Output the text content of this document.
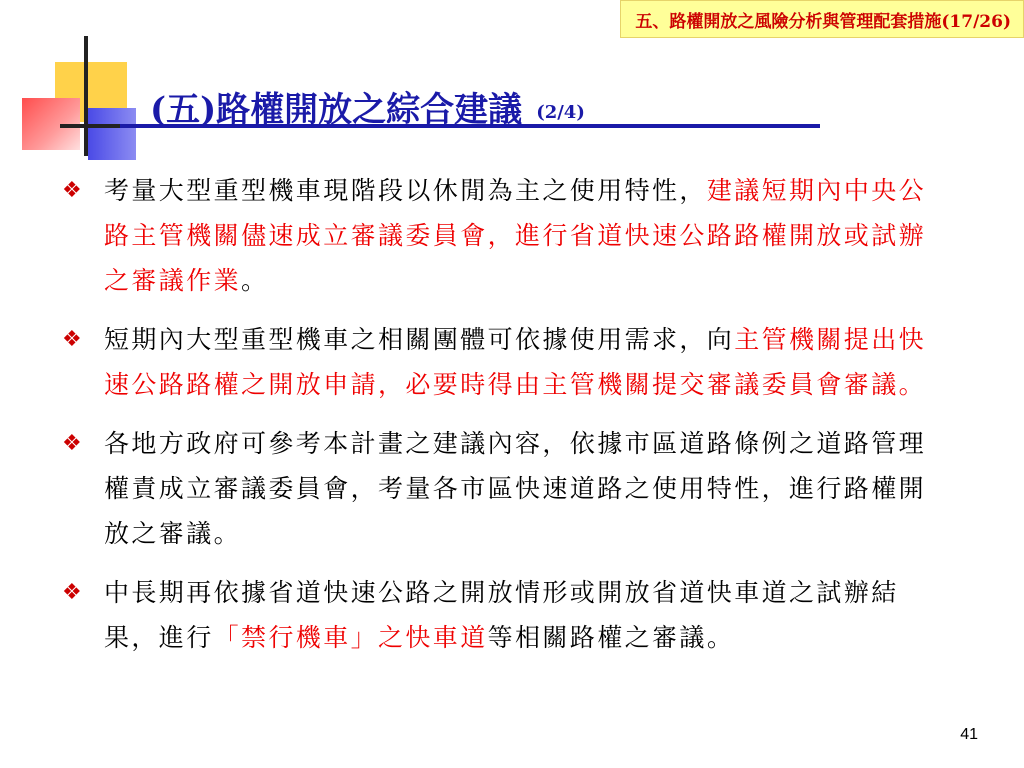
五、路權開放之風險分析與管理配套措施(17/26)
(五)路權開放之綜合建議 (2/4)
❖ 考量大型重型機車現階段以休閒為主之使用特性，建議短期內中央公路主管機關儘速成立審議委員會，進行省道快速公路路權開放或試辦之審議作業。
❖ 短期內大型重型機車之相關團體可依據使用需求，向主管機關提出快速公路路權之開放申請，必要時得由主管機關提交審議委員會審議。
❖ 各地方政府可參考本計畫之建議內容，依據市區道路條例之道路管理權責成立審議委員會，考量各市區快速道路之使用特性，進行路權開放之審議。
❖ 中長期再依據省道快速公路之開放情形或開放省道快車道之試辦結果，進行「禁行機車」之快車道等相關路權之審議。
41
